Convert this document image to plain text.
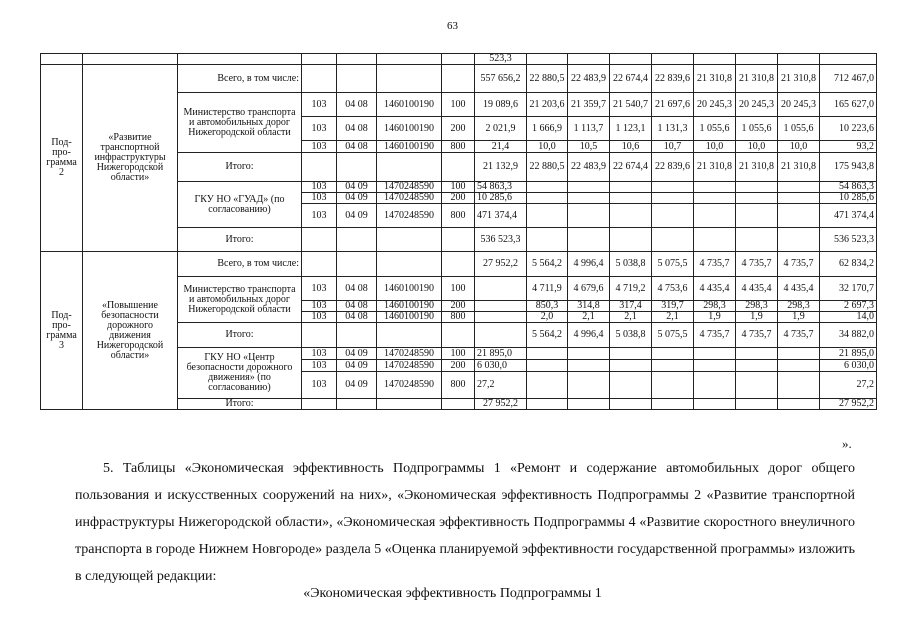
63
							523,3								
Под-про-грамма 2	«Развитие транспортной инфраструктуры Нижегородской области»	Всего, в том числе:					557 656,2	22 880,5	22 483,9	22 674,4	22 839,6	21 310,8	21 310,8	21 310,8	712 467,0
		Министерство транспорта и автомобильных дорог Нижегородской области	103	04 08	1460100190	100	19 089,6	21 203,6	21 359,7	21 540,7	21 697,6	20 245,3	20 245,3	20 245,3	165 627,0
			103	04 08	1460100190	200	2 021,9	1 666,9	1 113,7	1 123,1	1 131,3	1 055,6	1 055,6	1 055,6	10 223,6
			103	04 08	1460100190	800	21,4	10,0	10,5	10,6	10,7	10,0	10,0	10,0	93,2
		Итого:					21 132,9	22 880,5	22 483,9	22 674,4	22 839,6	21 310,8	21 310,8	21 310,8	175 943,8
		ГКУ НО «ГУАД» (по согласованию)	103	04 09	1470248590	100	54 863,3								54 863,3
			103	04 09	1470248590	200	10 285,6								10 285,6
			103	04 09	1470248590	800	471 374,4								471 374,4
		Итого:					536 523,3								536 523,3
Под-про-грамма 3	«Повышение безопасности дорожного движения Нижегородской области»	Всего, в том числе:					27 952,2	5 564,2	4 996,4	5 038,8	5 075,5	4 735,7	4 735,7	4 735,7	62 834,2
		Министерство транспорта и автомобильных дорог Нижегородской области	103	04 08	1460100190	100		4 711,9	4 679,6	4 719,2	4 753,6	4 435,4	4 435,4	4 435,4	32 170,7
			103	04 08	1460100190	200		850,3	314,8	317,4	319,7	298,3	298,3	298,3	2 697,3
			103	04 08	1460100190	800		2,0	2,1	2,1	2,1	1,9	1,9	1,9	14,0
		Итого:						5 564,2	4 996,4	5 038,8	5 075,5	4 735,7	4 735,7	4 735,7	34 882,0
		ГКУ НО «Центр безопасности дорожного движения» (по согласованию)	103	04 09	1470248590	100	21 895,0								21 895,0
			103	04 09	1470248590	200	6 030,0								6 030,0
			103	04 09	1470248590	800	27,2								27,2
		Итого:					27 952,2								27 952,2
».
5. Таблицы «Экономическая эффективность Подпрограммы 1 «Ремонт и содержание автомобильных дорог общего пользования и искусственных сооружений на них», «Экономическая эффективность Подпрограммы 2 «Развитие транспортной инфраструктуры Нижегородской области», «Экономическая эффективность Подпрограммы 4 «Развитие скоростного внеуличного транспорта в городе Нижнем Новгороде» раздела 5 «Оценка планируемой эффективности государственной программы» изложить в следующей редакции:
«Экономическая эффективность Подпрограммы 1
